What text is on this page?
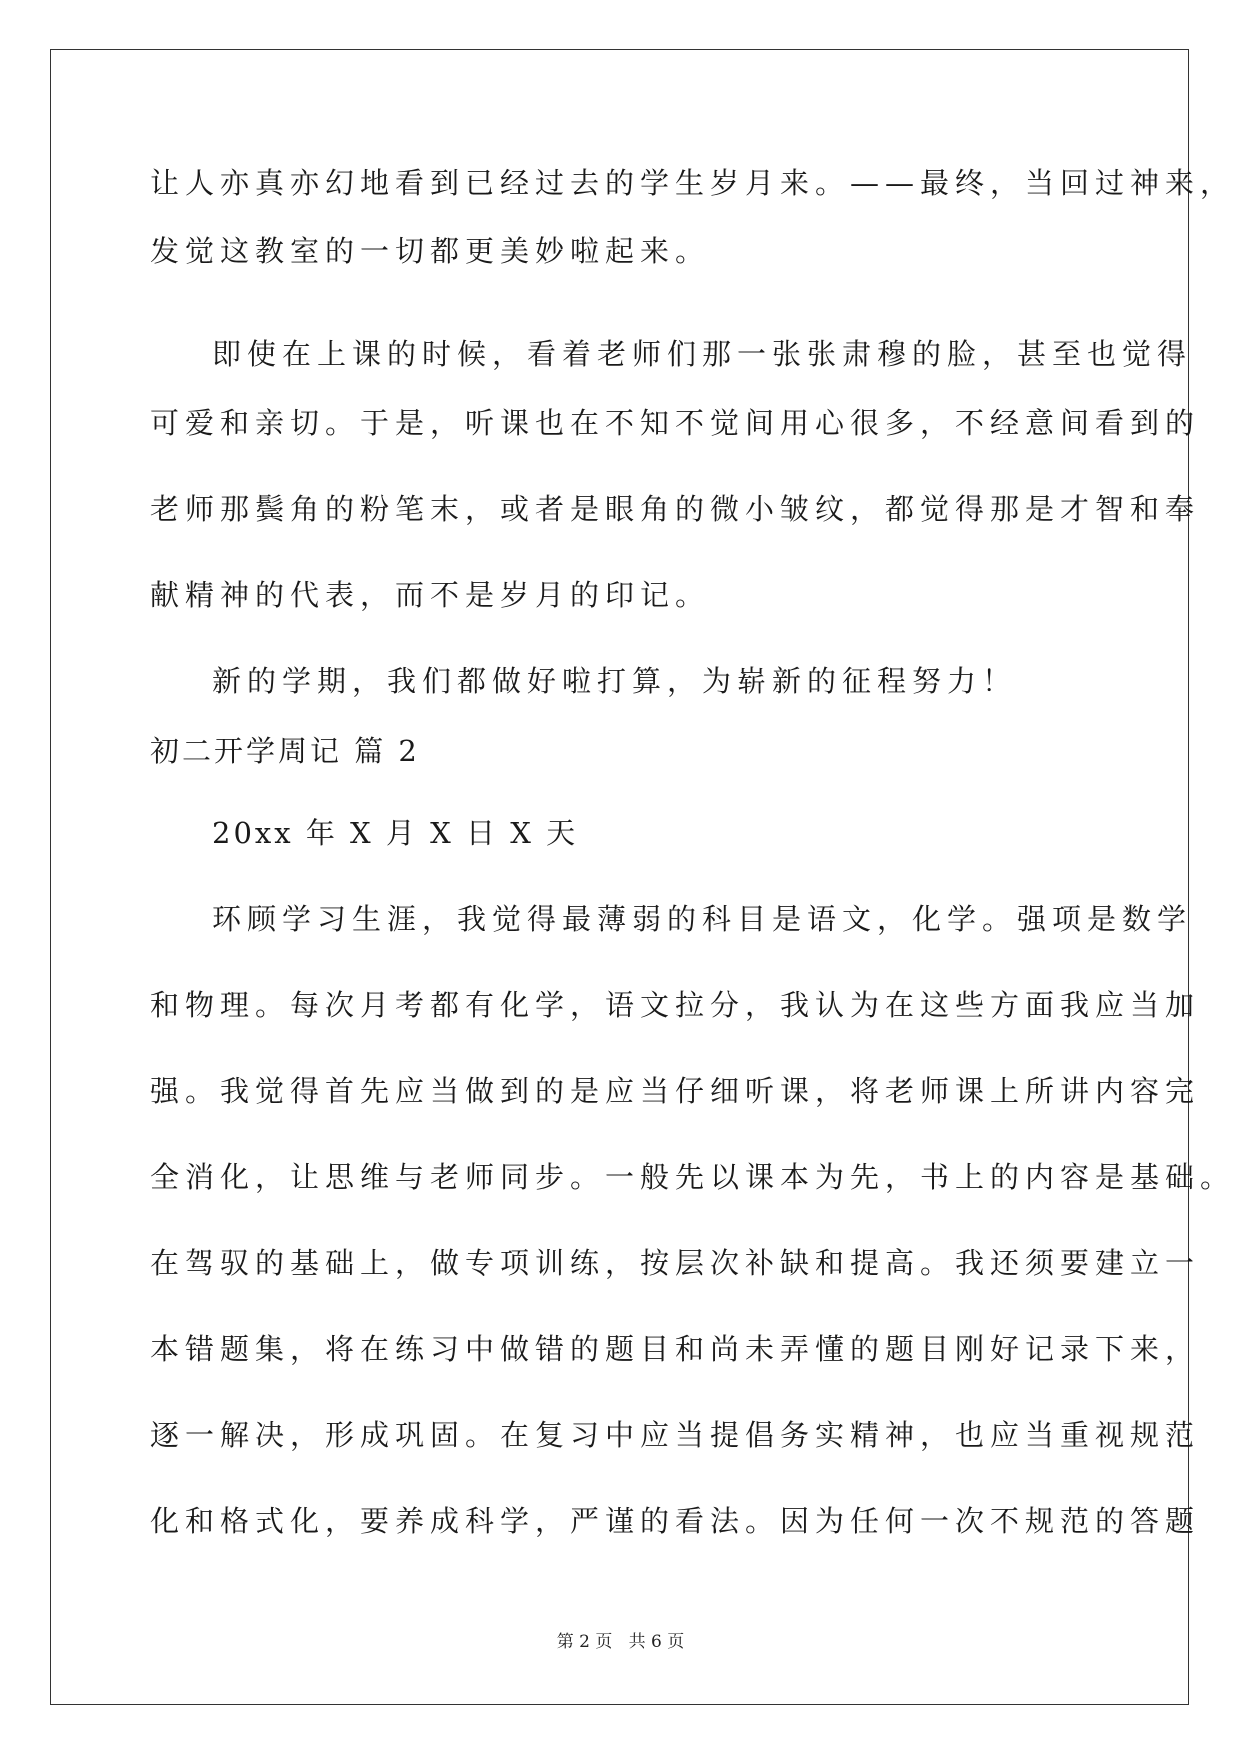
让人亦真亦幻地看到已经过去的学生岁月来。——最终，当回过神来，
发觉这教室的一切都更美妙啦起来。
即使在上课的时候，看着老师们那一张张肃穆的脸，甚至也觉得
可爱和亲切。于是，听课也在不知不觉间用心很多，不经意间看到的
老师那鬓角的粉笔末，或者是眼角的微小皱纹，都觉得那是才智和奉
献精神的代表，而不是岁月的印记。
新的学期，我们都做好啦打算，为崭新的征程努力！
初二开学周记 篇 2
20xx 年 X 月 X 日 X 天
环顾学习生涯，我觉得最薄弱的科目是语文，化学。强项是数学
和物理。每次月考都有化学，语文拉分，我认为在这些方面我应当加
强。我觉得首先应当做到的是应当仔细听课，将老师课上所讲内容完
全消化，让思维与老师同步。一般先以课本为先，书上的内容是基础。
在驾驭的基础上，做专项训练，按层次补缺和提高。我还须要建立一
本错题集，将在练习中做错的题目和尚未弄懂的题目刚好记录下来，
逐一解决，形成巩固。在复习中应当提倡务实精神，也应当重视规范
化和格式化，要养成科学，严谨的看法。因为任何一次不规范的答题
第 2 页   共 6 页
